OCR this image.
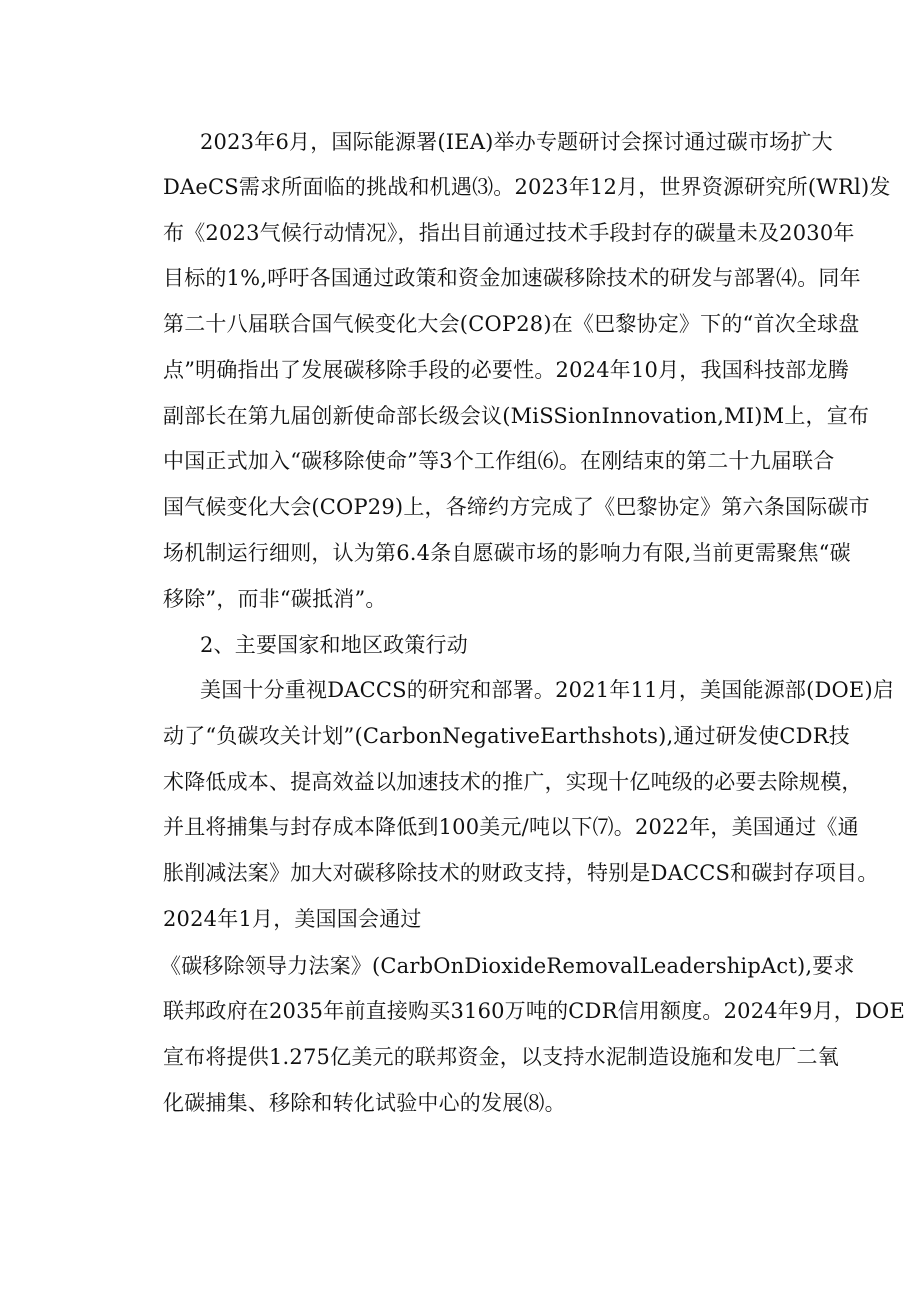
2023年6月，国际能源署(IEA)举办专题研讨会探讨通过碳市场扩大
DAeCS需求所面临的挑战和机遇⑶。2023年12月，世界资源研究所(WRl)发
布《2023气候行动情况》，指出目前通过技术手段封存的碳量未及2030年
目标的1%,呼吁各国通过政策和资金加速碳移除技术的研发与部署⑷。同年
第二十八届联合国气候变化大会(COP28)在《巴黎协定》下的“首次全球盘
点”明确指出了发展碳移除手段的必要性。2024年10月，我国科技部龙腾
副部长在第九届创新使命部长级会议(MiSSionInnovation,MI)M上，宣布
中国正式加入“碳移除使命”等3个工作组⑹。在刚结束的第二十九届联合
国气候变化大会(COP29)上，各缔约方完成了《巴黎协定》第六条国际碳市
场机制运行细则，认为第6.4条自愿碳市场的影响力有限,当前更需聚焦“碳
移除”，而非“碳抵消”。
2、主要国家和地区政策行动
美国十分重视DACCS的研究和部署。2021年11月，美国能源部(DOE)启
动了“负碳攻关计划”(CarbonNegativeEarthshots),通过研发使CDR技
术降低成本、提高效益以加速技术的推广，实现十亿吨级的必要去除规模，
并且将捕集与封存成本降低到100美元/吨以下⑺。2022年，美国通过《通
胀削减法案》加大对碳移除技术的财政支持，特别是DACCS和碳封存项目。
2024年1月，美国国会通过
《碳移除领导力法案》(CarbOnDioxideRemovalLeadershipAct),要求
联邦政府在2035年前直接购买3160万吨的CDR信用额度。2024年9月，DOE
宣布将提供1.275亿美元的联邦资金，以支持水泥制造设施和发电厂二氧
化碳捕集、移除和转化试验中心的发展⑻。
